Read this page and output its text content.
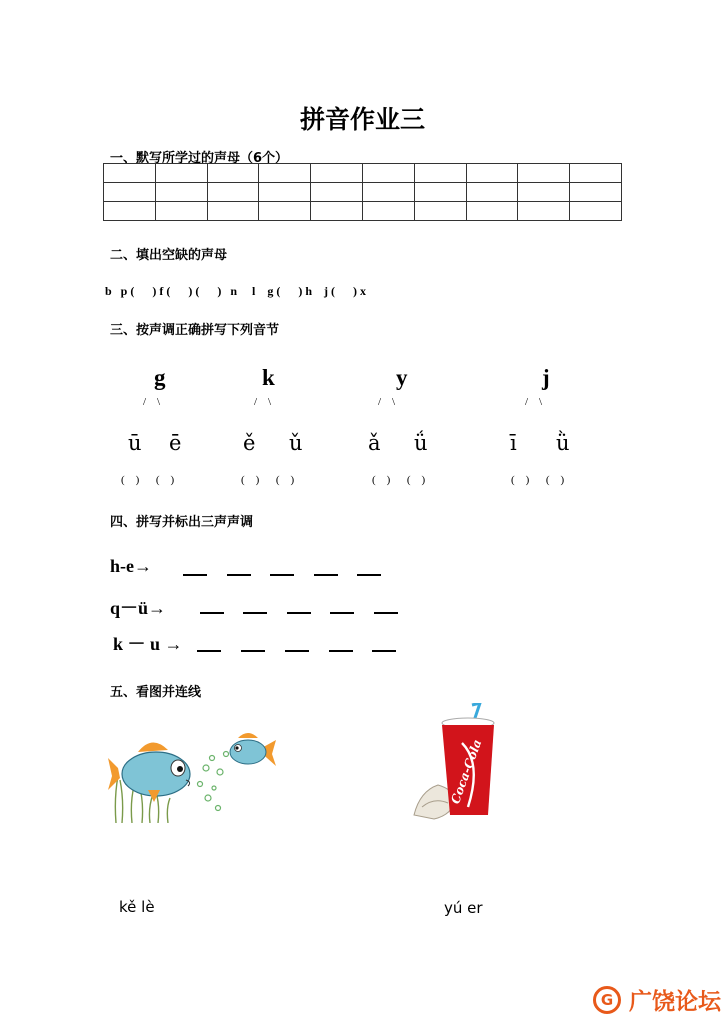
拼音作业三
一、默写所学过的声母（6个）

二、填出空缺的声母
b   p (      ) f (      ) (      )   n     l    g (      ) h    j (      ) x
三、按声调正确拼写下列音节
g
/    \
ū ē
(    )      (    )
k
/    \
ě ǔ
(    )      (    )
y
/    \
ǎ ǘ
(    )      (    )
j
/    \
ī ǜ
(    )      (    )
四、拼写并标出三声声调
h-e→
q－ü→
k － u →
五、看图并连线
Coca-Cola
kě lè	yú er
G 广饶论坛
